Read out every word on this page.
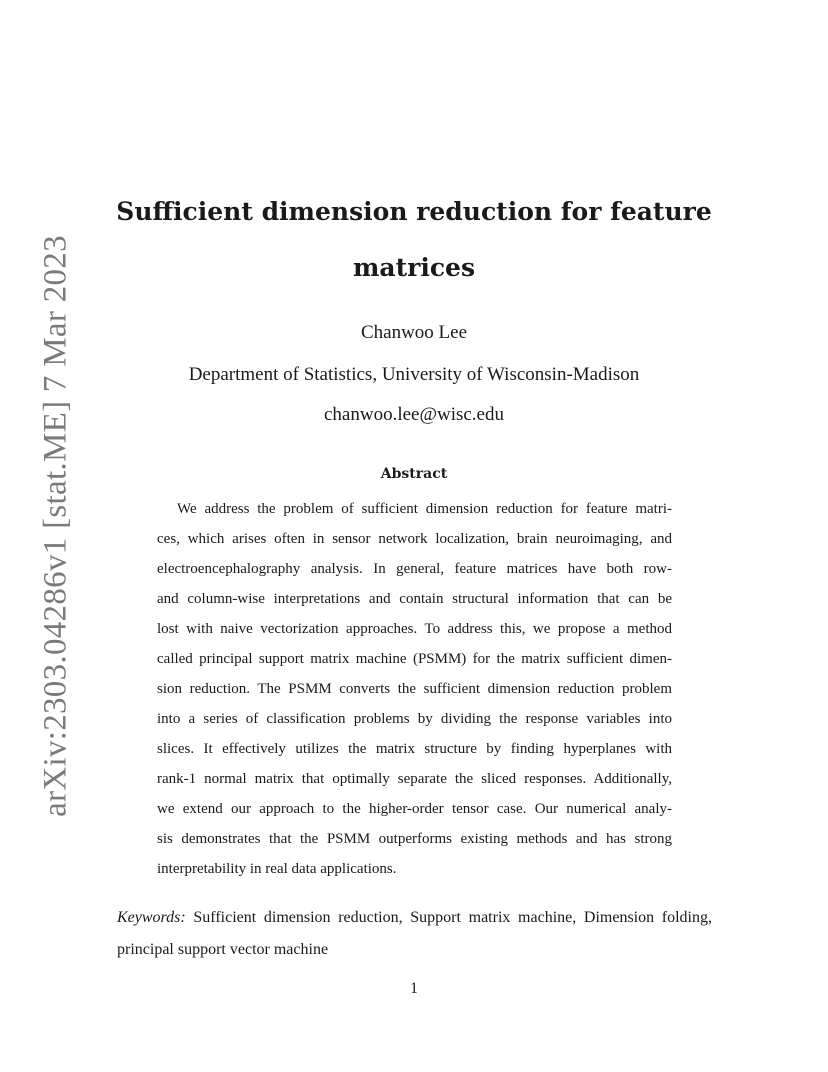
arXiv:2303.04286v1 [stat.ME] 7 Mar 2023
Sufficient dimension reduction for feature
matrices
Chanwoo Lee
Department of Statistics, University of Wisconsin-Madison
chanwoo.lee@wisc.edu
Abstract
We address the problem of sufficient dimension reduction for feature matri-
ces, which arises often in sensor network localization, brain neuroimaging, and
electroencephalography analysis. In general, feature matrices have both row-
and column-wise interpretations and contain structural information that can be
lost with naive vectorization approaches. To address this, we propose a method
called principal support matrix machine (PSMM) for the matrix sufficient dimen-
sion reduction. The PSMM converts the sufficient dimension reduction problem
into a series of classification problems by dividing the response variables into
slices. It effectively utilizes the matrix structure by finding hyperplanes with
rank-1 normal matrix that optimally separate the sliced responses. Additionally,
we extend our approach to the higher-order tensor case. Our numerical analy-
sis demonstrates that the PSMM outperforms existing methods and has strong
interpretability in real data applications.
Keywords: Sufficient dimension reduction, Support matrix machine, Dimension folding,
principal support vector machine
1
